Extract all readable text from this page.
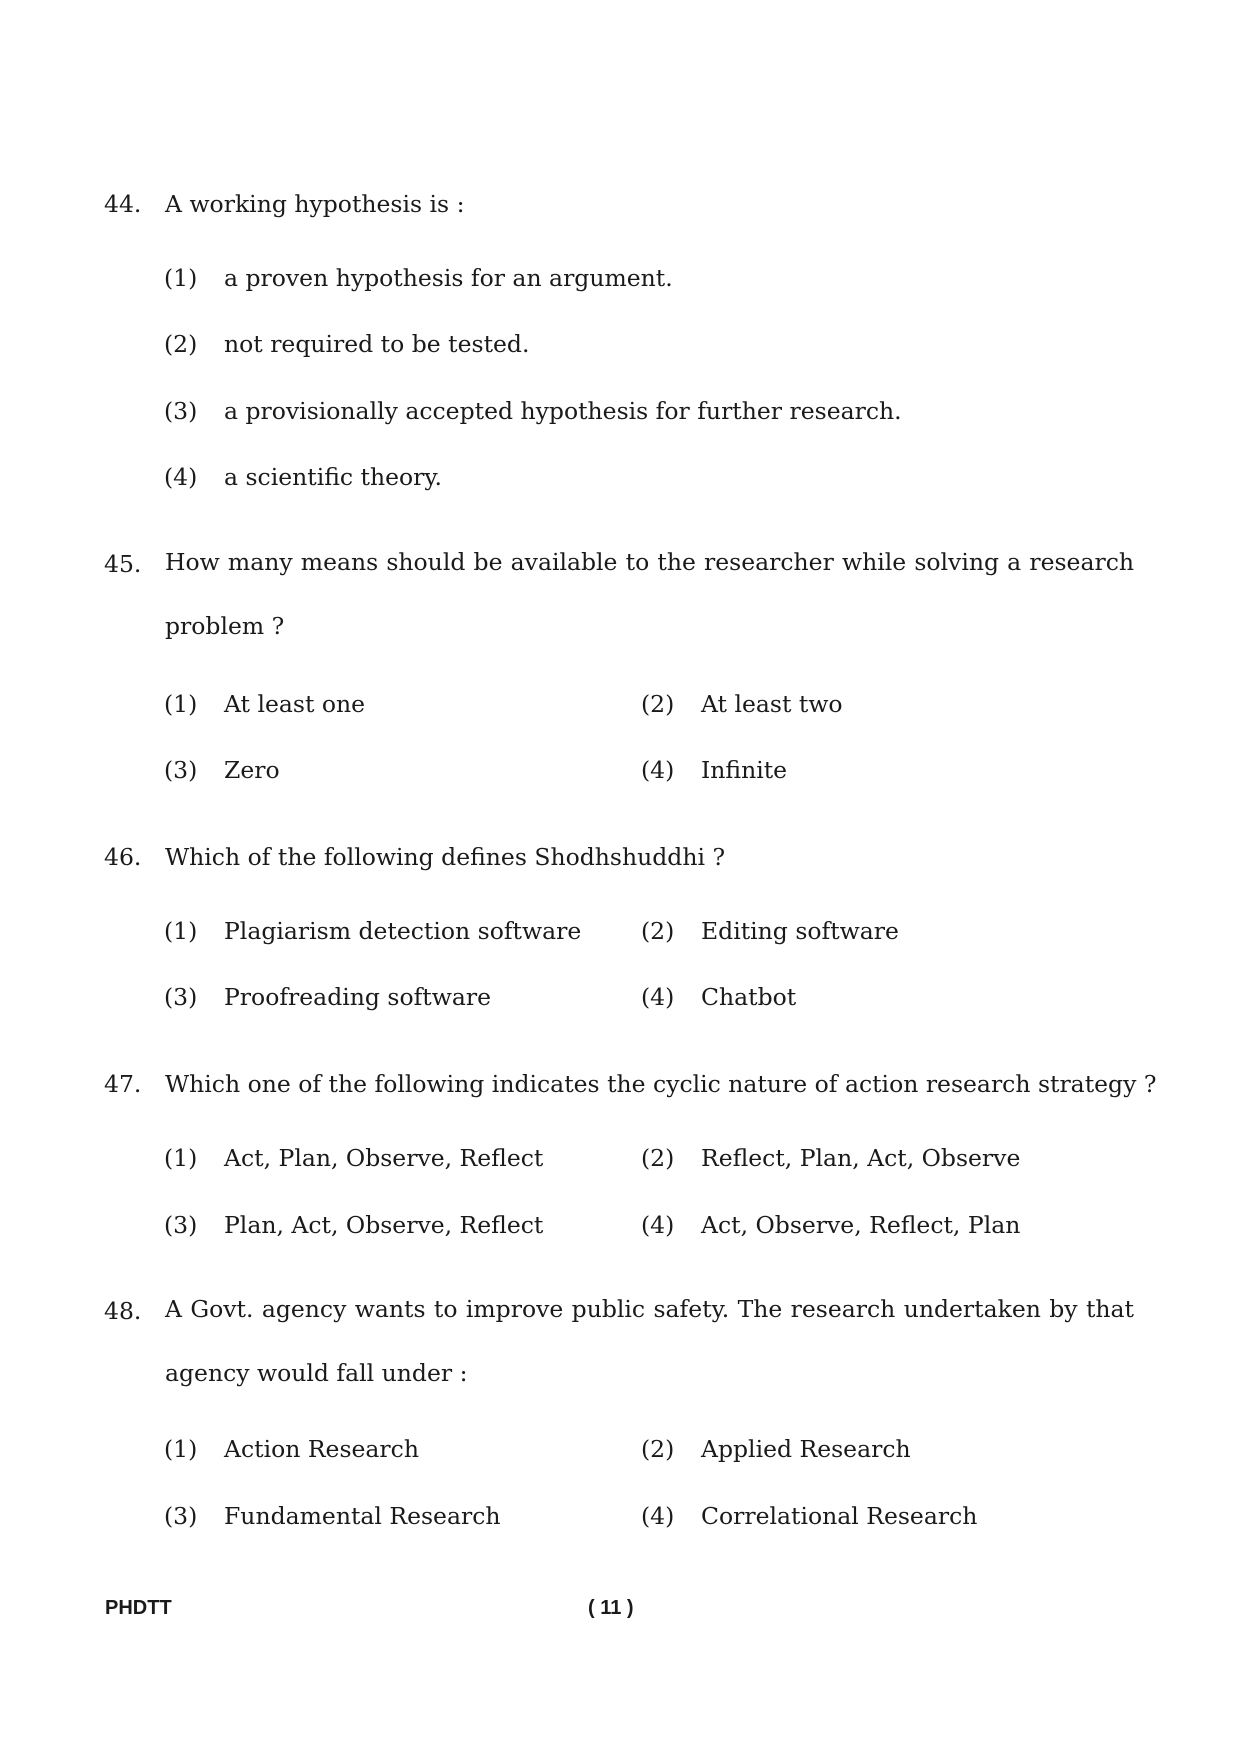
44. A working hypothesis is :
(1) a proven hypothesis for an argument.
(2) not required to be tested.
(3) a provisionally accepted hypothesis for further research.
(4) a scientific theory.
45. How many means should be available to the researcher while solving a research problem ?
(1) At least one	(2) At least two
(3) Zero	(4) Infinite
46. Which of the following defines Shodhshuddhi ?
(1) Plagiarism detection software	(2) Editing software
(3) Proofreading software	(4) Chatbot
47. Which one of the following indicates the cyclic nature of action research strategy ?
(1) Act, Plan, Observe, Reflect	(2) Reflect, Plan, Act, Observe
(3) Plan, Act, Observe, Reflect	(4) Act, Observe, Reflect, Plan
48. A Govt. agency wants to improve public safety. The research undertaken by that agency would fall under :
(1) Action Research	(2) Applied Research
(3) Fundamental Research	(4) Correlational Research
PHDTT	( 11 )
